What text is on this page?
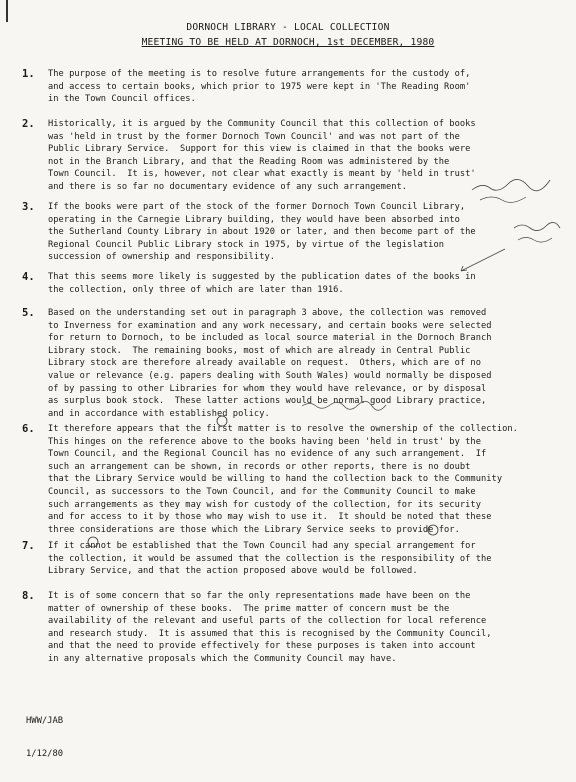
DORNOCH LIBRARY - LOCAL COLLECTION
MEETING TO BE HELD AT DORNOCH, 1st DECEMBER, 1980
1. The purpose of the meeting is to resolve future arrangements for the custody of,
and access to certain books, which prior to 1975 were kept in 'The Reading Room'
in the Town Council offices.
2. Historically, it is argued by the Community Council that this collection of books
was 'held in trust by the former Dornoch Town Council' and was not part of the
Public Library Service.  Support for this view is claimed in that the books were
not in the Branch Library, and that the Reading Room was administered by the
Town Council.  It is, however, not clear what exactly is meant by 'held in trust'
and there is so far no documentary evidence of any such arrangement.
3. If the books were part of the stock of the former Dornoch Town Council Library,
operating in the Carnegie Library building, they would have been absorbed into
the Sutherland County Library in about 1920 or later, and then become part of the
Regional Council Public Library stock in 1975, by virtue of the legislation
succession of ownership and responsibility.
4. That this seems more likely is suggested by the publication dates of the books in
the collection, only three of which are later than 1916.
5. Based on the understanding set out in paragraph 3 above, the collection was removed
to Inverness for examination and any work necessary, and certain books were selected
for return to Dornoch, to be included as local source material in the Dornoch Branch
Library stock.  The remaining books, most of which are already in Central Public
Library stock are therefore already available on request.  Others, which are of no
value or relevance (e.g. papers dealing with South Wales) would normally be disposed
of by passing to other Libraries for whom they would have relevance, or by disposal
as surplus book stock.  These latter actions would be normal good Library practice,
and in accordance with established policy.
6. It therefore appears that the first matter is to resolve the ownership of the collection.
This hinges on the reference above to the books having been 'held in trust' by the
Town Council, and the Regional Council has no evidence of any such arrangement.  If
such an arrangement can be shown, in records or other reports, there is no doubt
that the Library Service would be willing to hand the collection back to the Community
Council, as successors to the Town Council, and for the Community Council to make
such arrangements as they may wish for custody of the collection, for its security
and for access to it by those who may wish to use it.  It should be noted that these
three considerations are those which the Library Service seeks to provide for.
7. If it cannot be established that the Town Council had any special arrangement for
the collection, it would be assumed that the collection is the responsibility of the
Library Service, and that the action proposed above would be followed.
8. It is of some concern that so far the only representations made have been on the
matter of ownership of these books.  The prime matter of concern must be the
availability of the relevant and useful parts of the collection for local reference
and research study.  It is assumed that this is recognised by the Community Council,
and that the need to provide effectively for these purposes is taken into account
in any alternative proposals which the Community Council may have.

HWW/JAB

1/12/80
